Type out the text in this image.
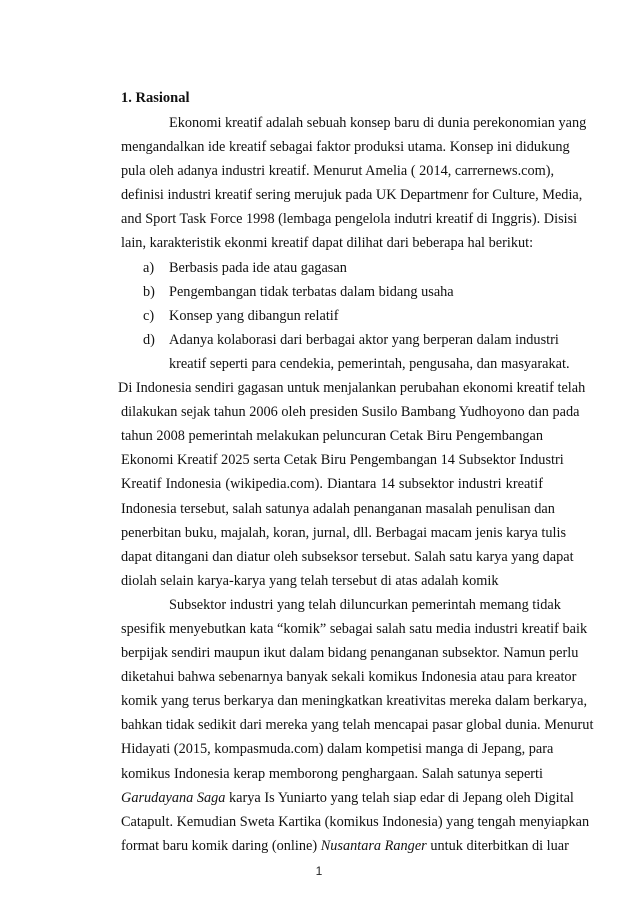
1. Rasional
Ekonomi kreatif adalah sebuah konsep baru di dunia perekonomian yang
mengandalkan ide kreatif sebagai faktor produksi utama. Konsep ini didukung
pula oleh adanya industri kreatif. Menurut Amelia ( 2014, carrernews.com),
definisi industri kreatif sering merujuk pada UK Departmenr for Culture, Media,
and Sport Task Force 1998 (lembaga pengelola indutri kreatif di Inggris). Disisi
lain, karakteristik ekonmi kreatif dapat dilihat dari beberapa hal berikut:
a) Berbasis pada ide atau gagasan
b) Pengembangan tidak terbatas dalam bidang usaha
c) Konsep yang dibangun relatif
d) Adanya kolaborasi dari berbagai aktor yang berperan dalam industri
kreatif seperti para cendekia, pemerintah, pengusaha, dan masyarakat.
Di Indonesia sendiri gagasan untuk menjalankan perubahan ekonomi kreatif telah
dilakukan sejak tahun 2006 oleh presiden Susilo Bambang Yudhoyono dan pada
tahun 2008 pemerintah melakukan peluncuran Cetak Biru Pengembangan
Ekonomi Kreatif 2025 serta Cetak Biru Pengembangan 14 Subsektor Industri
Kreatif Indonesia (wikipedia.com). Diantara 14 subsektor industri kreatif
Indonesia tersebut, salah satunya adalah penanganan masalah penulisan dan
penerbitan buku, majalah, koran, jurnal, dll. Berbagai macam jenis karya tulis
dapat ditangani dan diatur oleh subseksor tersebut. Salah satu karya yang dapat
diolah selain karya-karya yang telah tersebut di atas adalah komik
Subsektor industri yang telah diluncurkan pemerintah memang tidak
spesifik menyebutkan kata “komik” sebagai salah satu media industri kreatif baik
berpijak sendiri maupun ikut dalam bidang penanganan subsektor. Namun perlu
diketahui bahwa sebenarnya banyak sekali komikus Indonesia atau para kreator
komik yang terus berkarya dan meningkatkan kreativitas mereka dalam berkarya,
bahkan tidak sedikit dari mereka yang telah mencapai pasar global dunia. Menurut
Hidayati (2015, kompasmuda.com) dalam kompetisi manga di Jepang, para
komikus Indonesia kerap memborong penghargaan. Salah satunya seperti
Garudayana Saga karya Is Yuniarto yang telah siap edar di Jepang oleh Digital
Catapult. Kemudian Sweta Kartika (komikus Indonesia) yang tengah menyiapkan
format baru komik daring (online) Nusantara Ranger untuk diterbitkan di luar
1
